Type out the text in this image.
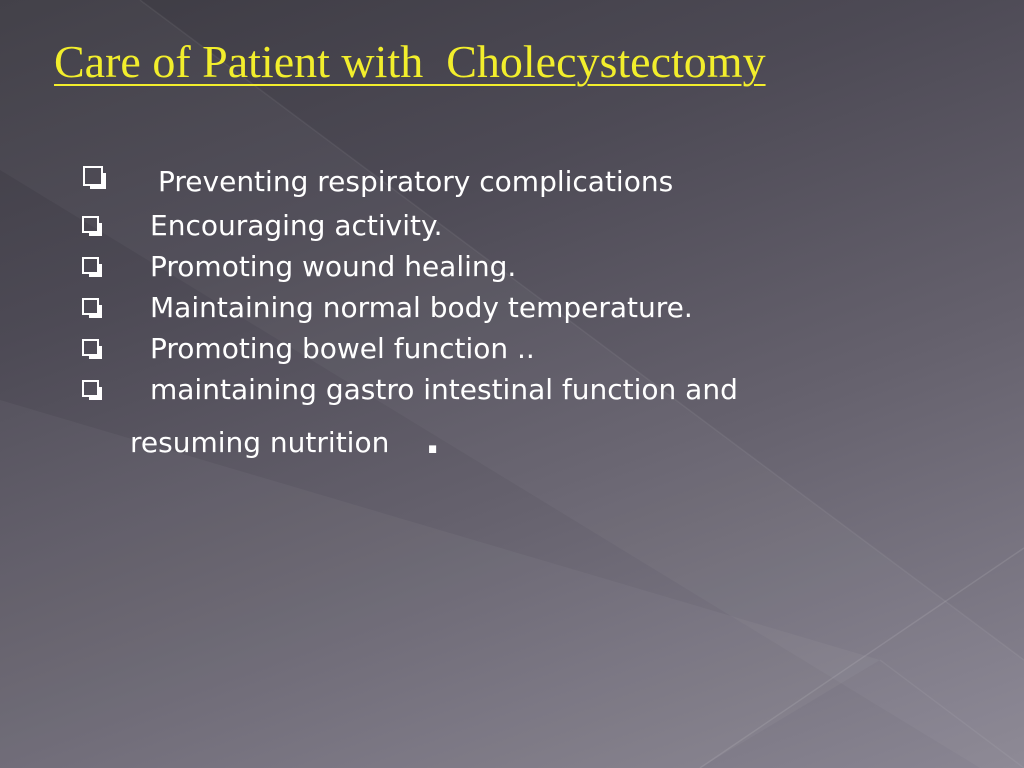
Care of Patient with  Cholecystectomy
Preventing respiratory complications
Encouraging activity.
Promoting wound healing.
Maintaining normal body temperature.
Promoting bowel function ..
maintaining gastro intestinal function and
resuming nutrition .
